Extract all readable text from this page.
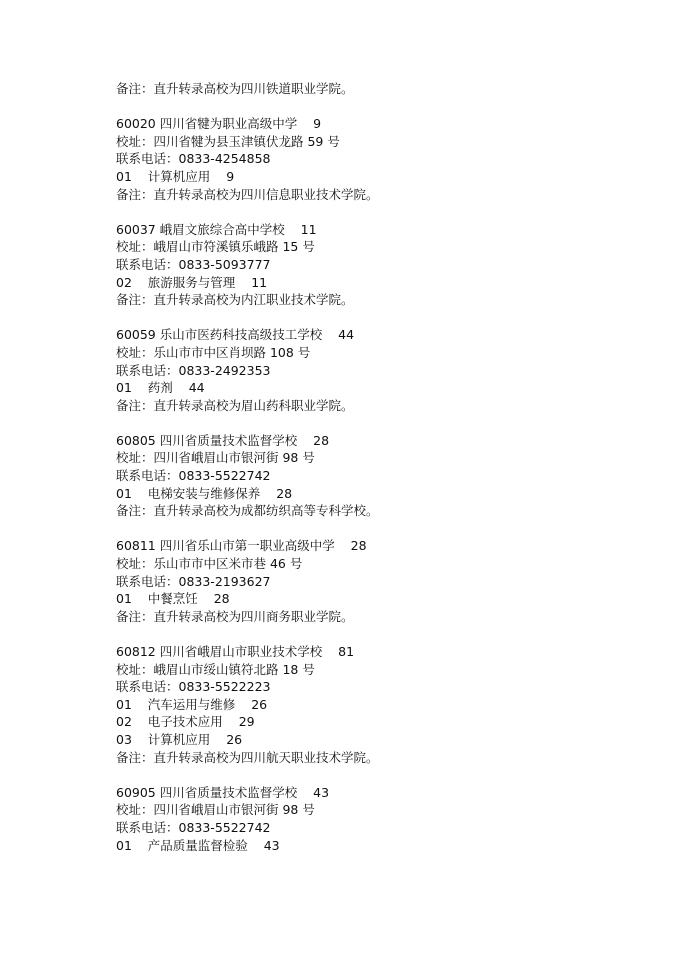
备注：直升转录高校为四川铁道职业学院。
60020 四川省犍为职业高级中学    9
校址：四川省犍为县玉津镇伏龙路 59 号
联系电话：0833-4254858
01    计算机应用    9
备注：直升转录高校为四川信息职业技术学院。
60037 峨眉文旅综合高中学校    11
校址：峨眉山市符溪镇乐峨路 15 号
联系电话：0833-5093777
02    旅游服务与管理    11
备注：直升转录高校为内江职业技术学院。
60059 乐山市医药科技高级技工学校    44
校址：乐山市市中区肖坝路 108 号
联系电话：0833-2492353
01    药剂    44
备注：直升转录高校为眉山药科职业学院。
60805 四川省质量技术监督学校    28
校址：四川省峨眉山市银河街 98 号
联系电话：0833-5522742
01    电梯安装与维修保养    28
备注：直升转录高校为成都纺织高等专科学校。
60811 四川省乐山市第一职业高级中学    28
校址：乐山市市中区米市巷 46 号
联系电话：0833-2193627
01    中餐烹饪    28
备注：直升转录高校为四川商务职业学院。
60812 四川省峨眉山市职业技术学校    81
校址：峨眉山市绥山镇符北路 18 号
联系电话：0833-5522223
01    汽车运用与维修    26
02    电子技术应用    29
03    计算机应用    26
备注：直升转录高校为四川航天职业技术学院。
60905 四川省质量技术监督学校    43
校址：四川省峨眉山市银河街 98 号
联系电话：0833-5522742
01    产品质量监督检验    43
